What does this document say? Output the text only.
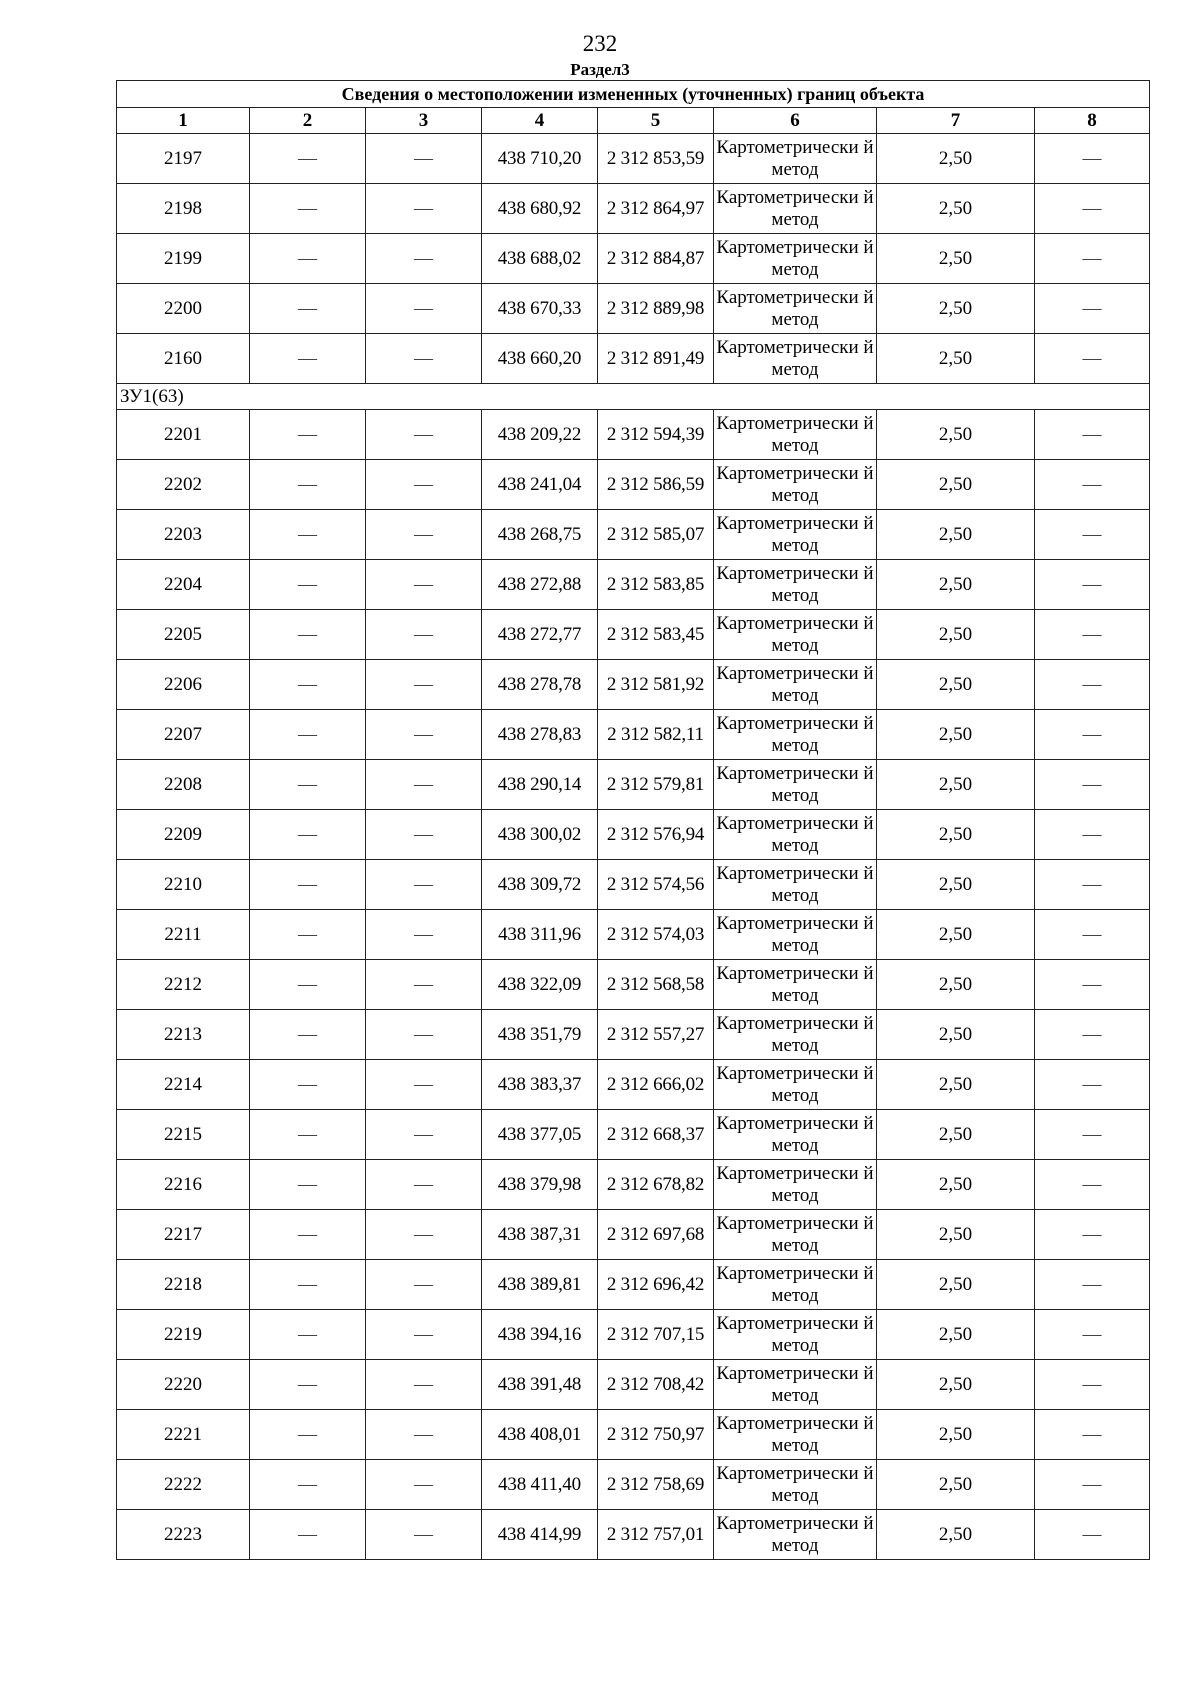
232
Раздел3
Сведения о местоположении измененных (уточненных) границ объекта							
1	2	3	4	5	6	7	8
2197	—	—	438 710,20	2 312 853,59	Картометрически й метод	2,50	—
2198	—	—	438 680,92	2 312 864,97	Картометрически й метод	2,50	—
2199	—	—	438 688,02	2 312 884,87	Картометрически й метод	2,50	—
2200	—	—	438 670,33	2 312 889,98	Картометрически й метод	2,50	—
2160	—	—	438 660,20	2 312 891,49	Картометрически й метод	2,50	—
ЗУ1(63)							
2201	—	—	438 209,22	2 312 594,39	Картометрически й метод	2,50	—
2202	—	—	438 241,04	2 312 586,59	Картометрически й метод	2,50	—
2203	—	—	438 268,75	2 312 585,07	Картометрически й метод	2,50	—
2204	—	—	438 272,88	2 312 583,85	Картометрически й метод	2,50	—
2205	—	—	438 272,77	2 312 583,45	Картометрически й метод	2,50	—
2206	—	—	438 278,78	2 312 581,92	Картометрически й метод	2,50	—
2207	—	—	438 278,83	2 312 582,11	Картометрически й метод	2,50	—
2208	—	—	438 290,14	2 312 579,81	Картометрически й метод	2,50	—
2209	—	—	438 300,02	2 312 576,94	Картометрически й метод	2,50	—
2210	—	—	438 309,72	2 312 574,56	Картометрически й метод	2,50	—
2211	—	—	438 311,96	2 312 574,03	Картометрически й метод	2,50	—
2212	—	—	438 322,09	2 312 568,58	Картометрически й метод	2,50	—
2213	—	—	438 351,79	2 312 557,27	Картометрически й метод	2,50	—
2214	—	—	438 383,37	2 312 666,02	Картометрически й метод	2,50	—
2215	—	—	438 377,05	2 312 668,37	Картометрически й метод	2,50	—
2216	—	—	438 379,98	2 312 678,82	Картометрически й метод	2,50	—
2217	—	—	438 387,31	2 312 697,68	Картометрически й метод	2,50	—
2218	—	—	438 389,81	2 312 696,42	Картометрически й метод	2,50	—
2219	—	—	438 394,16	2 312 707,15	Картометрически й метод	2,50	—
2220	—	—	438 391,48	2 312 708,42	Картометрически й метод	2,50	—
2221	—	—	438 408,01	2 312 750,97	Картометрически й метод	2,50	—
2222	—	—	438 411,40	2 312 758,69	Картометрически й метод	2,50	—
2223	—	—	438 414,99	2 312 757,01	Картометрически й метод	2,50	—
